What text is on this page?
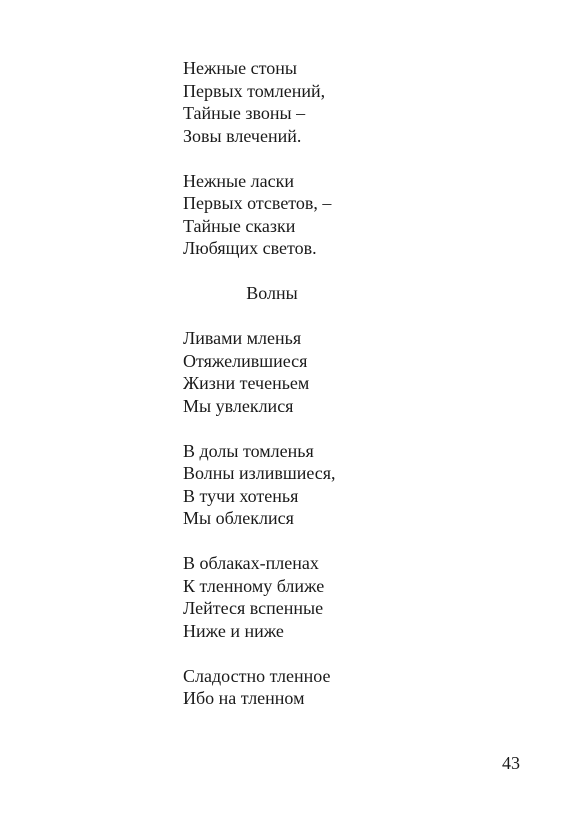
Нежные стоны
Первых томлений,
Тайные звоны –
Зовы влечений.
Нежные ласки
Первых отсветов, –
Тайные сказки
Любящих светов.
Волны
Ливами мленья
Отяжелившиеся
Жизни теченьем
Мы увлеклися
В долы томленья
Волны излившиеся,
В тучи хотенья
Мы облеклися
В облаках-пленах
К тленному ближе
Лейтеся вспенные
Ниже и ниже
Сладостно тленное
Ибо на тленном
43
